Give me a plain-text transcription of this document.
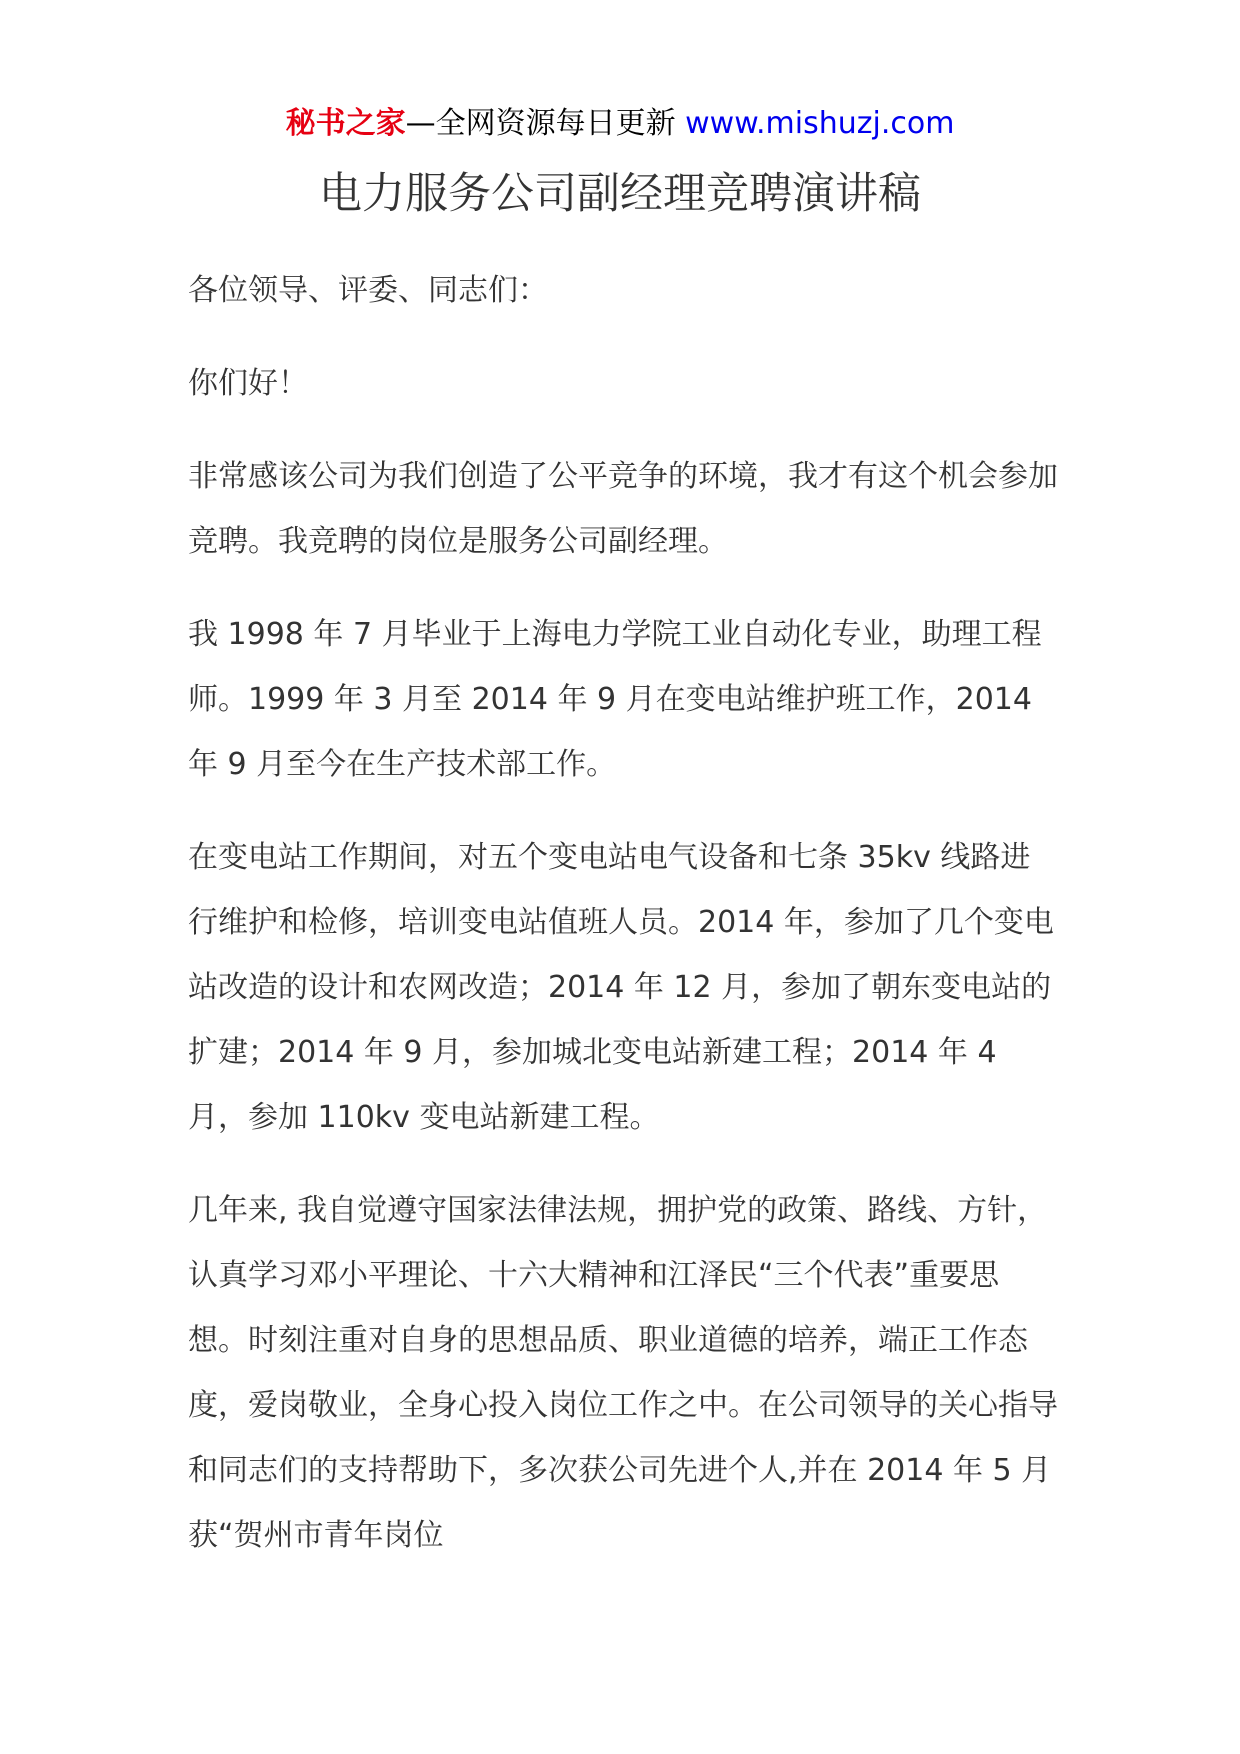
秘书之家—全网资源每日更新 www.mishuzj.com
电力服务公司副经理竞聘演讲稿

各位领导、评委、同志们：

你们好！

非常感该公司为我们创造了公平竞争的环境，我才有这个机会参加竞聘。我竞聘的岗位是服务公司副经理。

我 1998 年 7 月毕业于上海电力学院工业自动化专业，助理工程师。1999 年 3 月至 2014 年 9 月在变电站维护班工作，2014 年 9 月至今在生产技术部工作。

在变电站工作期间，对五个变电站电气设备和七条 35kv 线路进行维护和检修，培训变电站值班人员。2014 年，参加了几个变电站改造的设计和农网改造；2014 年 12 月，参加了朝东变电站的扩建；2014 年 9 月，参加城北变电站新建工程；2014 年 4 月，参加 110kv 变电站新建工程。

几年来, 我自觉遵守国家法律法规，拥护党的政策、路线、方针，认真学习邓小平理论、十六大精神和江泽民“三个代表”重要思想。时刻注重对自身的思想品质、职业道德的培养，端正工作态度，爱岗敬业，全身心投入岗位工作之中。在公司领导的关心指导和同志们的支持帮助下，多次获公司先进个人,并在 2014 年 5 月获“贺州市青年岗位
